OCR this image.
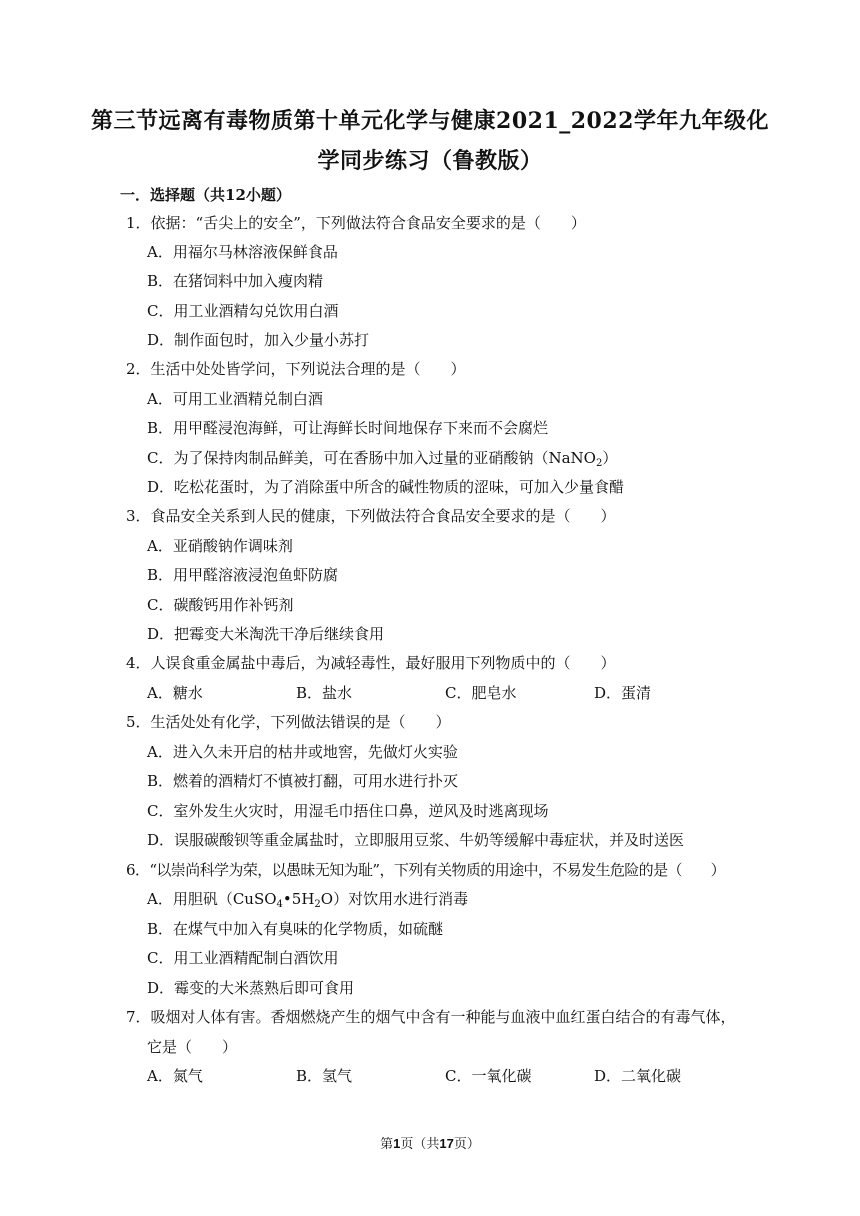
第三节远离有毒物质第十单元化学与健康2021_2022学年九年级化
学同步练习（鲁教版）
一．选择题（共12小题）
1．依据：“舌尖上的安全”，下列做法符合食品安全要求的是（　　）
A．用福尔马林溶液保鲜食品
B．在猪饲料中加入瘦肉精
C．用工业酒精勾兑饮用白酒
D．制作面包时，加入少量小苏打
2．生活中处处皆学问，下列说法合理的是（　　）
A．可用工业酒精兑制白酒
B．用甲醛浸泡海鲜，可让海鲜长时间地保存下来而不会腐烂
C．为了保持肉制品鲜美，可在香肠中加入过量的亚硝酸钠（NaNO$_2$）
D．吃松花蛋时，为了消除蛋中所含的碱性物质的涩味，可加入少量食醋
3．食品安全关系到人民的健康，下列做法符合食品安全要求的是（　　）
A．亚硝酸钠作调味剂
B．用甲醛溶液浸泡鱼虾防腐
C．碳酸钙用作补钙剂
D．把霉变大米淘洗干净后继续食用
4．人误食重金属盐中毒后，为减轻毒性，最好服用下列物质中的（　　）
A．糖水	B．盐水	C．肥皂水	D．蛋清
5．生活处处有化学，下列做法错误的是（　　）
A．进入久未开启的枯井或地窖，先做灯火实验
B．燃着的酒精灯不慎被打翻，可用水进行扑灭
C．室外发生火灾时，用湿毛巾捂住口鼻，逆风及时逃离现场
D．误服碳酸钡等重金属盐时，立即服用豆浆、牛奶等缓解中毒症状，并及时送医
6．“以崇尚科学为荣，以愚昧无知为耻”，下列有关物质的用途中，不易发生危险的是（　　）
A．用胆矾$(CuSO_4•5H_2O)$对饮用水进行消毒
B．在煤气中加入有臭味的化学物质，如硫醚
C．用工业酒精配制白酒饮用
D．霉变的大米蒸熟后即可食用
7．吸烟对人体有害。香烟燃烧产生的烟气中含有一种能与血液中血红蛋白结合的有毒气体，
它是（　　）
A．氮气	B．氢气	C．一氧化碳	D．二氧化碳
第1页（共17页）
